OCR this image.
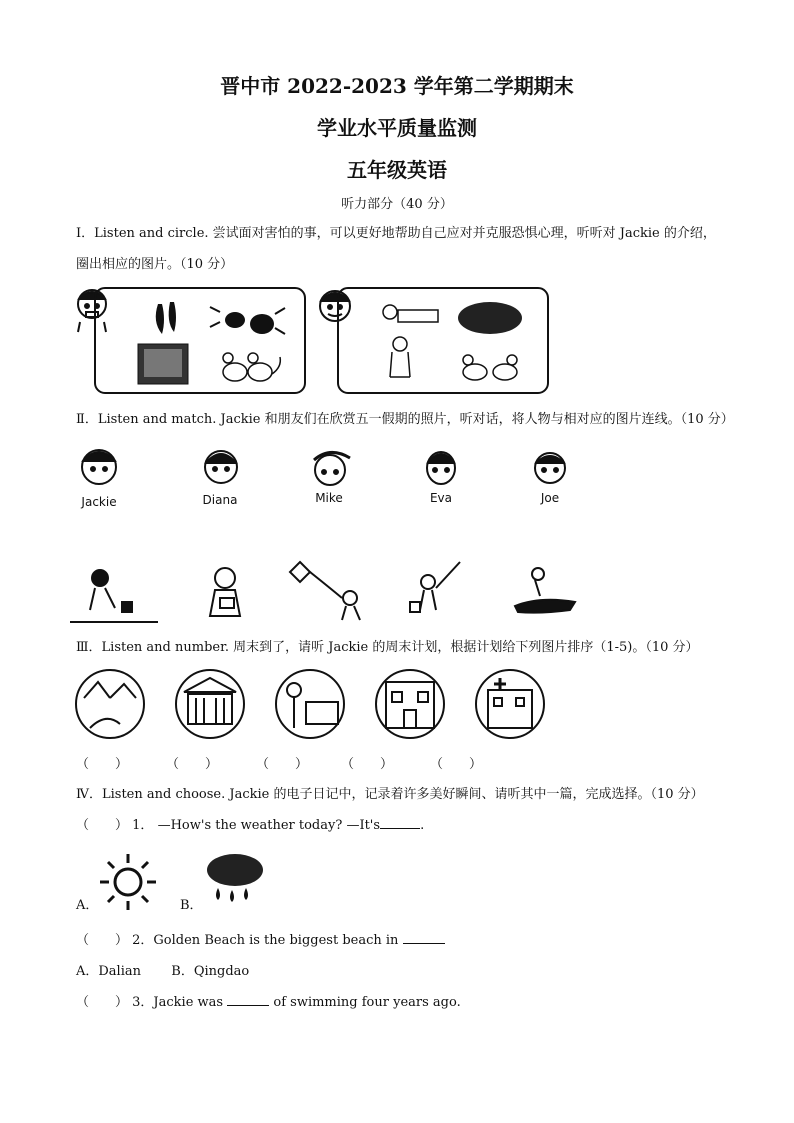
晋中市 2022-2023 学年第二学期期末
学业水平质量监测
五年级英语
听力部分（40 分）
Ⅰ．Listen and circle. 尝试面对害怕的事，可以更好地帮助自己应对并克服恐惧心理，听听对 Jackie 的介绍，
圈出相应的图片。（10 分）
Ⅱ．Listen and match. Jackie 和朋友们在欣赏五一假期的照片，听对话，将人物与相对应的图片连线。（10 分）
Jackie	Diana	Mike	Eva	Joe
Ⅲ．Listen and number. 周末到了，请听 Jackie 的周末计划，根据计划给下列图片排序（1-5)。（10 分）
（　　）	（　　）	（　　）	（　　）	（　　）
Ⅳ．Listen and choose. Jackie 的电子日记中，记录着许多美好瞬间、请听其中一篇，完成选择。（10 分）
（　　） 1． —How's the weather today? —It's	.
A．	B．
（　　） 2．Golden Beach is the biggest beach in
A．Dalian B．Qingdao
（　　） 3．Jackie was	of swimming four years ago.
